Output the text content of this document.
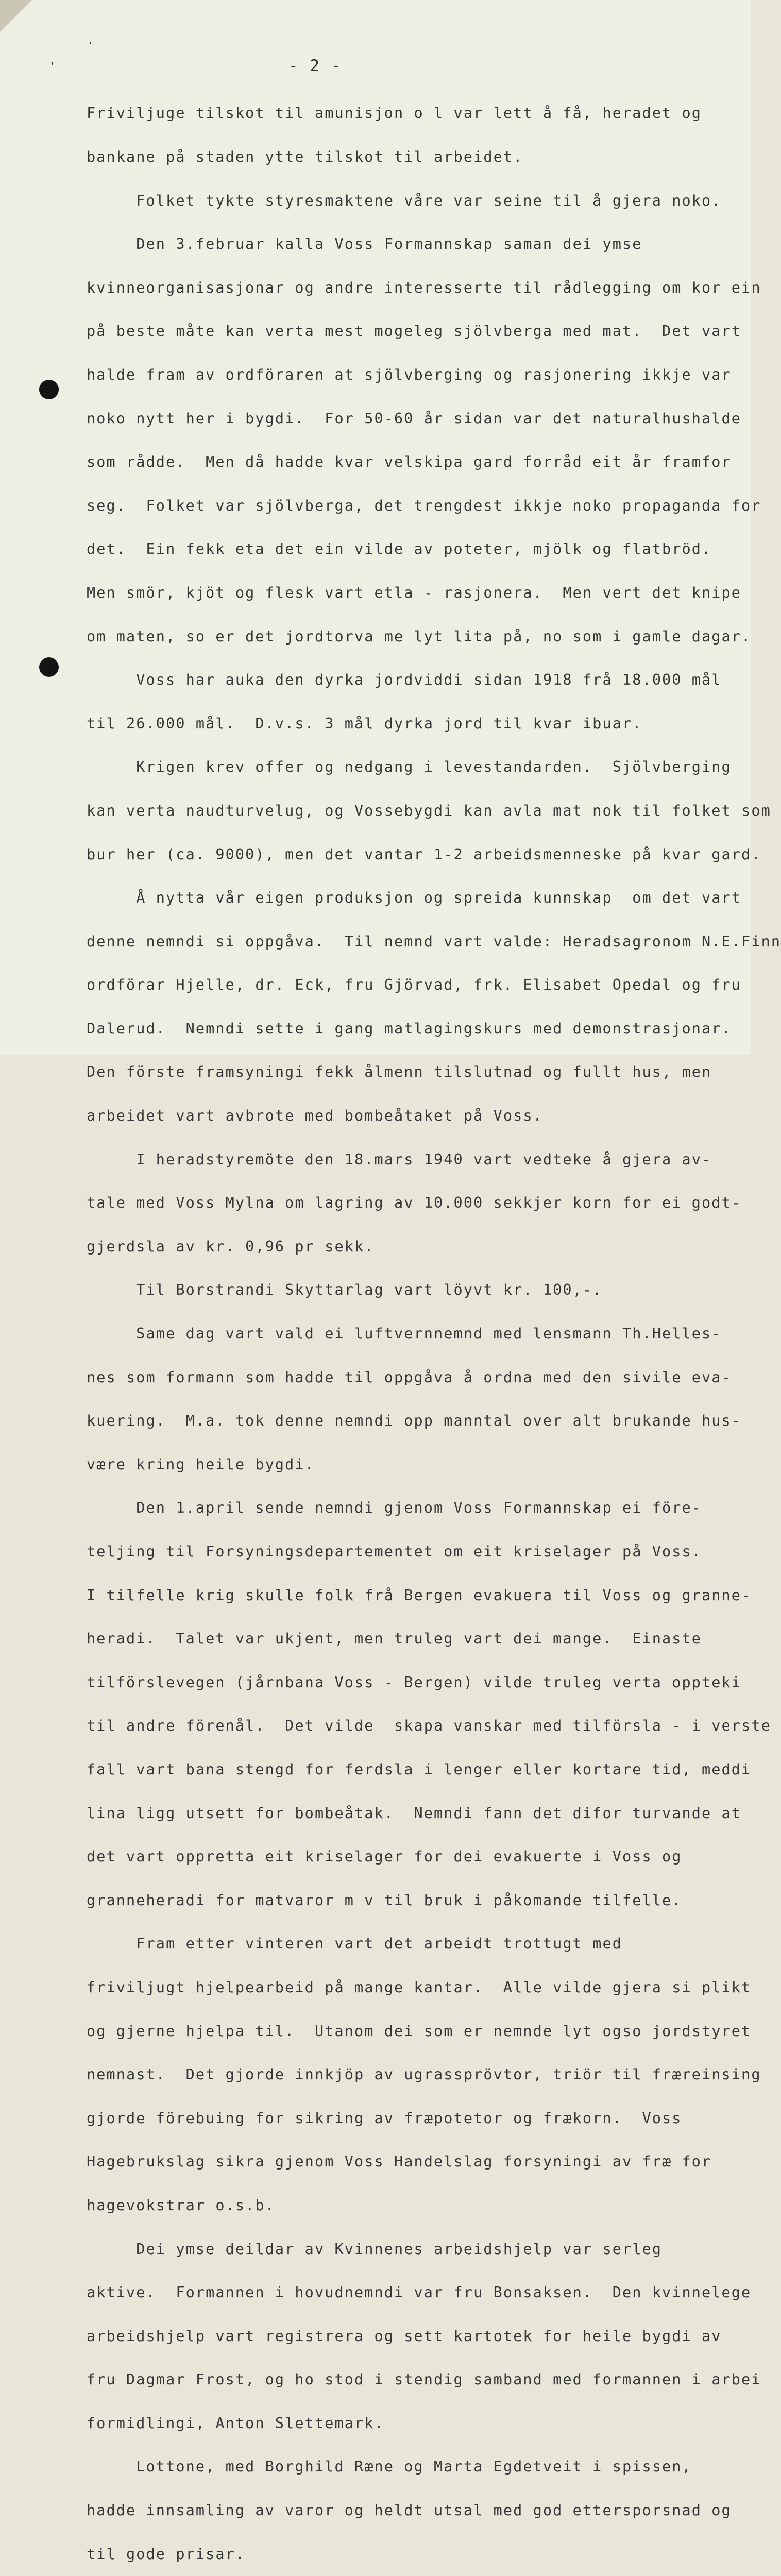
'
'	- 2 -

Friviljuge tilskot til amunisjon o l var lett å få, heradet og

bankane på staden ytte tilskot til arbeidet.

Folket tykte styresmaktene våre var seine til å gjera noko.

Den 3.februar kalla Voss Formannskap saman dei ymse

kvinneorganisasjonar og andre interesserte til rådlegging om kor ein

på beste måte kan verta mest mogeleg sjölvberga med mat.  Det vart

halde fram av ordföraren at sjölvberging og rasjonering ikkje var

noko nytt her i bygdi.  For 50-60 år sidan var det naturalhushalde

som rådde.  Men då hadde kvar velskipa gard forråd eit år framfor

seg.  Folket var sjölvberga, det trengdest ikkje noko propaganda for

det.  Ein fekk eta det ein vilde av poteter, mjölk og flatbröd.

Men smör, kjöt og flesk vart etla - rasjonera.  Men vert det knipe

om maten, so er det jordtorva me lyt lita på, no som i gamle dagar.

Voss har auka den dyrka jordviddi sidan 1918 frå 18.000 mål

til 26.000 mål.  D.v.s. 3 mål dyrka jord til kvar ibuar.

Krigen krev offer og nedgang i levestandarden.  Sjölvberging

kan verta naudturvelug, og Vossebygdi kan avla mat nok til folket som

bur her (ca. 9000), men det vantar 1-2 arbeidsmenneske på kvar gard.

Å nytta vår eigen produksjon og spreida kunnskap  om det vart

denne nemndi si oppgåva.  Til nemnd vart valde: Heradsagronom N.E.Finn

ordförar Hjelle, dr. Eck, fru Gjörvad, frk. Elisabet Opedal og fru

Dalerud.  Nemndi sette i gang matlagingskurs med demonstrasjonar.

Den förste framsyningi fekk ålmenn tilslutnad og fullt hus, men

arbeidet vart avbrote med bombeåtaket på Voss.

I heradstyremöte den 18.mars 1940 vart vedteke å gjera av-

tale med Voss Mylna om lagring av 10.000 sekkjer korn for ei godt-

gjerdsla av kr. 0,96 pr sekk.

Til Borstrandi Skyttarlag vart löyvt kr. 100,-.

Same dag vart vald ei luftvernnemnd med lensmann Th.Helles-

nes som formann som hadde til oppgåva å ordna med den sivile eva-

kuering.  M.a. tok denne nemndi opp manntal over alt brukande hus-

være kring heile bygdi.

Den 1.april sende nemndi gjenom Voss Formannskap ei före-

teljing til Forsyningsdepartementet om eit kriselager på Voss.

I tilfelle krig skulle folk frå Bergen evakuera til Voss og granne-

heradi.  Talet var ukjent, men truleg vart dei mange.  Einaste

tilförslevegen (jårnbana Voss - Bergen) vilde truleg verta oppteki

til andre förenål.  Det vilde  skapa vanskar med tilförsla - i verste

fall vart bana stengd for ferdsla i lenger eller kortare tid, meddi

lina ligg utsett for bombeåtak.  Nemndi fann det difor turvande at

det vart oppretta eit kriselager for dei evakuerte i Voss og

granneheradi for matvaror m v til bruk i påkomande tilfelle.

Fram etter vinteren vart det arbeidt trottugt med

friviljugt hjelpearbeid på mange kantar.  Alle vilde gjera si plikt

og gjerne hjelpa til.  Utanom dei som er nemnde lyt ogso jordstyret

nemnast.  Det gjorde innkjöp av ugrassprövtor, triör til fræreinsing

gjorde förebuing for sikring av fræpotetor og frækorn.  Voss

Hagebrukslag sikra gjenom Voss Handelslag forsyningi av fræ for

hagevokstrar o.s.b.

Dei ymse deildar av Kvinnenes arbeidshjelp var serleg

aktive.  Formannen i hovudnemndi var fru Bonsaksen.  Den kvinnelege

arbeidshjelp vart registrera og sett kartotek for heile bygdi av

fru Dagmar Frost, og ho stod i stendig samband med formannen i arbei

formidlingi, Anton Slettemark.

Lottone, med Borghild Ræne og Marta Egdetveit i spissen,

hadde innsamling av varor og heldt utsal med god ettersporsnad og

til gode prisar.
